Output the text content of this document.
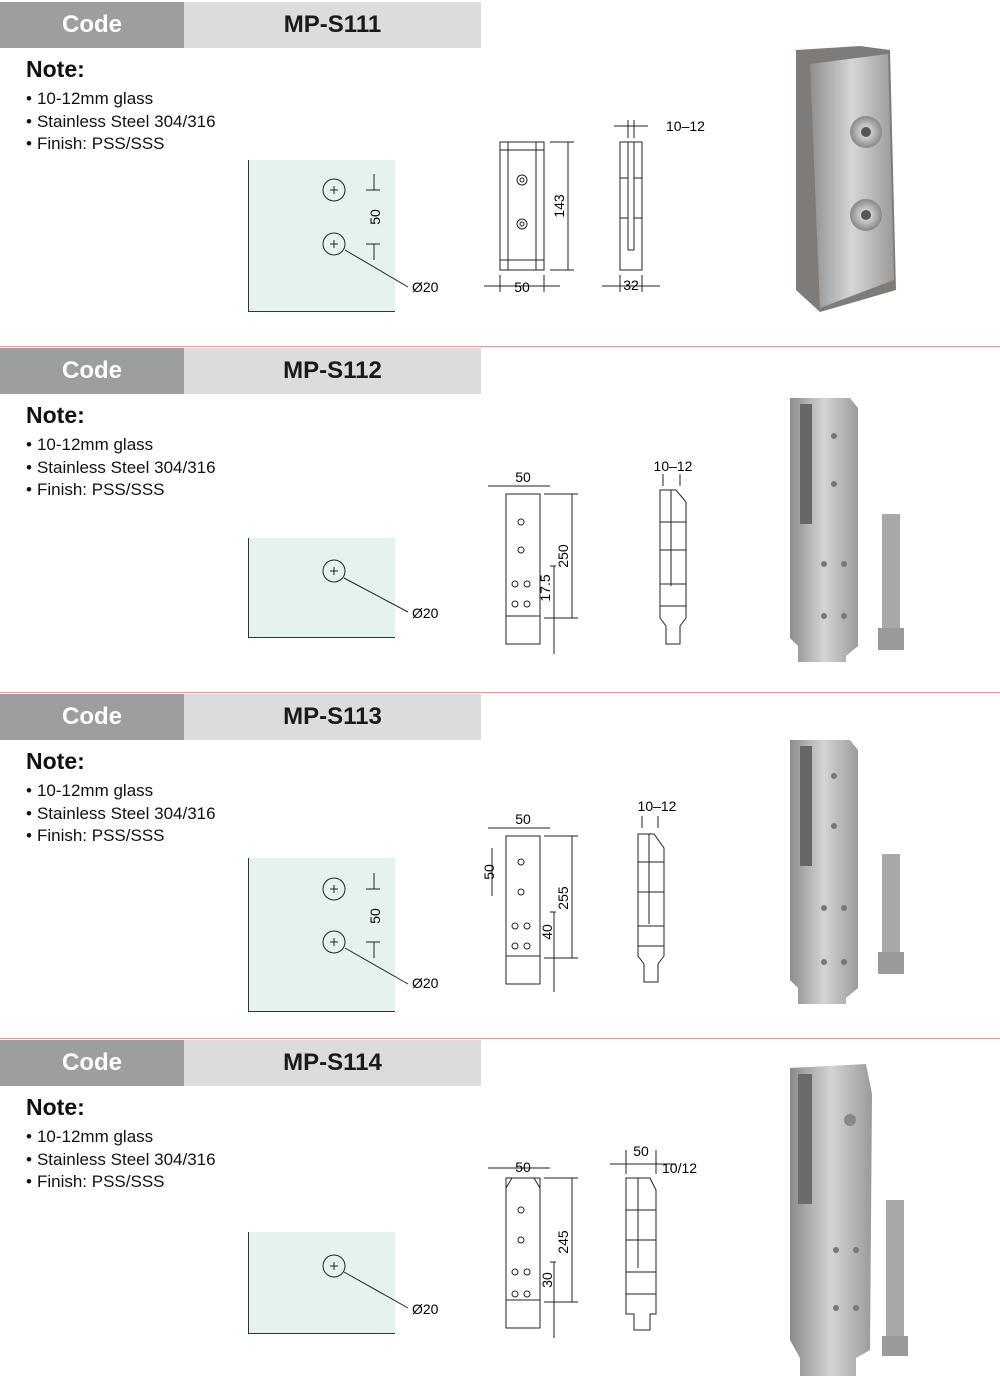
Code	MP-S111
Note:
• 10-12mm glass
• Stainless Steel 304/316
• Finish: PSS/SSS
50
Ø20
143
50	32
10–12
Code	MP-S112
Note:
• 10-12mm glass
• Stainless Steel 304/316
• Finish: PSS/SSS
Ø20
50
250
17.5
10–12
Code	MP-S113
Note:
• 10-12mm glass
• Stainless Steel 304/316
• Finish: PSS/SSS
50
Ø20
50
50
255
40
10–12
Code	MP-S114
Note:
• 10-12mm glass
• Stainless Steel 304/316
• Finish: PSS/SSS
Ø20
50
245
30
50
10/12
